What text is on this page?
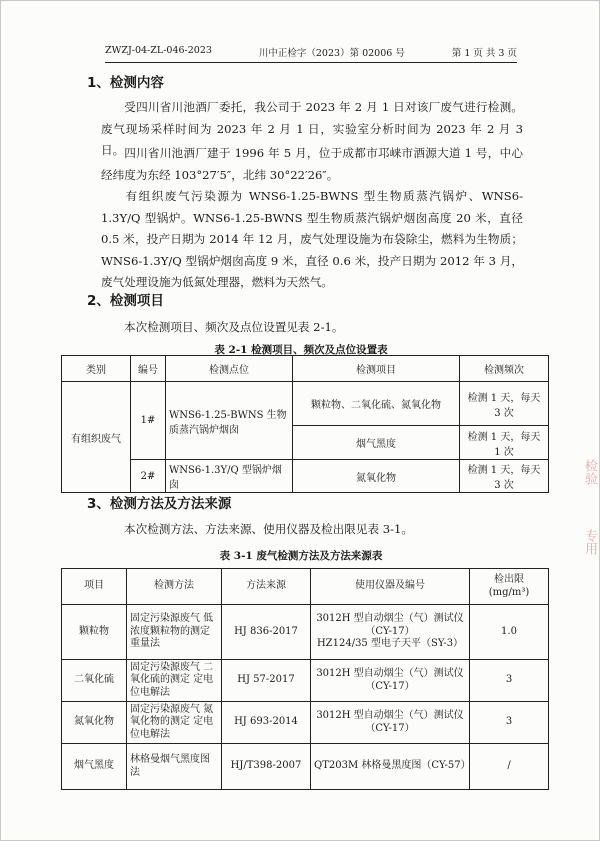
ZWZJ-04-ZL-046-2023	川中正检字（2023）第 02006 号	第 1 页 共 3 页
1、检测内容
受四川省川池酒厂委托，我公司于 2023 年 2 月 1 日对该厂废气进行检测。废气现场采样时间为 2023 年 2 月 1 日，实验室分析时间为 2023 年 2 月 3 日。 四川省川池酒厂建于 1996 年 5 月，位于成都市邛崃市酒源大道 1 号，中心经纬度为东经 103°27′5″，北纬 30°22′26″。
有组织废气污染源为 WNS6-1.25-BWNS 型生物质蒸汽锅炉、WNS6-1.3Y/Q 型锅炉。WNS6-1.25-BWNS 型生物质蒸汽锅炉烟囱高度 20 米，直径 0.5 米，投产日期为 2014 年 12 月，废气处理设施为布袋除尘，燃料为生物质；WNS6-1.3Y/Q 型锅炉烟囱高度 9 米，直径 0.6 米，投产日期为 2012 年 3 月，废气处理设施为低氮处理器，燃料为天然气。
2、检测项目
本次检测项目、频次及点位设置见表 2-1。
表 2-1 检测项目、频次及点位设置表
类别	编号	检测点位	检测项目	检测频次
有组织废气	1#	WNS6-1.25-BWNS 生物质蒸汽锅炉烟囱	颗粒物、二氧化硫、氮氧化物	检测 1 天，每天 3 次
			烟气黑度	检测 1 天，每天 1 次
	2#	WNS6-1.3Y/Q 型锅炉烟囱	氮氧化物	检测 1 天，每天 3 次
3、检测方法及方法来源
本次检测方法、方法来源、使用仪器及检出限见表 3-1。
表 3-1 废气检测方法及方法来源表
项目	检测方法	方法来源	使用仪器及编号	检出限
(mg/m³)

颗粒物	固定污染源废气 低浓度颗粒物的测定 重量法	HJ 836-2017	3012H 型自动烟尘（气）测试仪（CY-17）
HZ124/35 型电子天平（SY-3）	1.0
二氧化硫	固定污染源废气 二氧化硫的测定 定电位电解法	HJ 57-2017	3012H 型自动烟尘（气）测试仪（CY-17）	3
氮氧化物	固定污染源废气 氮氧化物的测定 定电位电解法	HJ 693-2014	3012H 型自动烟尘（气）测试仪（CY-17）	3
烟气黑度	林格曼烟气黑度图法	HJ/T398-2007	QT203M 林格曼黑度图（CY-57）	/
检验
专用
